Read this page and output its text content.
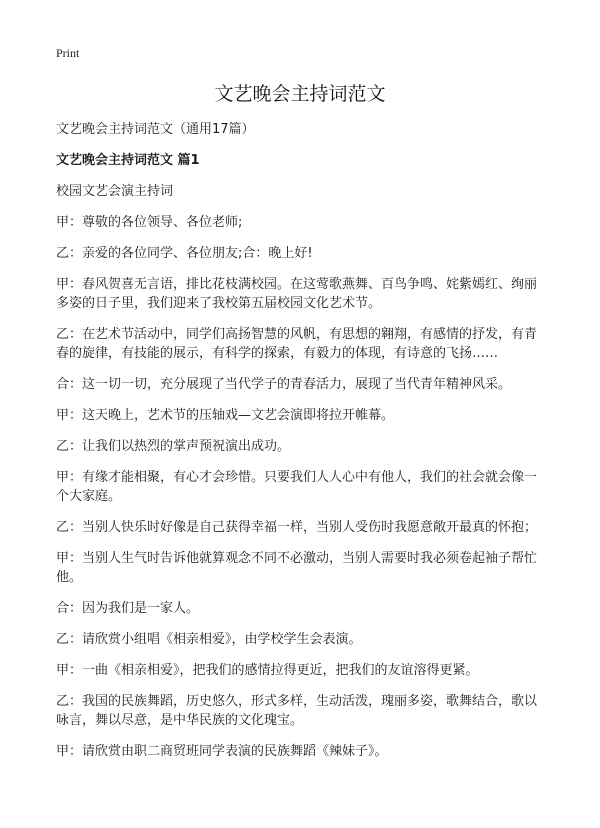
Print
文艺晚会主持词范文

文艺晚会主持词范文（通用17篇）

文艺晚会主持词范文 篇1

校园文艺会演主持词

甲：尊敬的各位领导、各位老师;

乙：亲爱的各位同学、各位朋友;合：晚上好!

甲：春风贺喜无言语，排比花枝满校园。在这莺歌燕舞、百鸟争鸣、姹紫嫣红、绚丽多姿的日子里，我们迎来了我校第五届校园文化艺术节。

乙：在艺术节活动中，同学们高扬智慧的风帆，有思想的翱翔，有感情的抒发，有青春的旋律，有技能的展示，有科学的探索，有毅力的体现，有诗意的飞扬……

合：这一切一切，充分展现了当代学子的青春活力，展现了当代青年精神风采。

甲：这天晚上，艺术节的压轴戏—文艺会演即将拉开帷幕。

乙：让我们以热烈的掌声预祝演出成功。

甲：有缘才能相聚，有心才会珍惜。只要我们人人心中有他人，我们的社会就会像一个大家庭。

乙：当别人快乐时好像是自己获得幸福一样，当别人受伤时我愿意敞开最真的怀抱；

甲：当别人生气时告诉他就算观念不同不必激动，当别人需要时我必须卷起袖子帮忙他。

合：因为我们是一家人。

乙：请欣赏小组唱《相亲相爱》，由学校学生会表演。

甲：一曲《相亲相爱》，把我们的感情拉得更近，把我们的友谊溶得更紧。

乙：我国的民族舞蹈，历史悠久，形式多样，生动活泼，瑰丽多姿，歌舞结合，歌以咏言，舞以尽意，是中华民族的文化瑰宝。

甲：请欣赏由职二商贸班同学表演的民族舞蹈《辣妹子》。
